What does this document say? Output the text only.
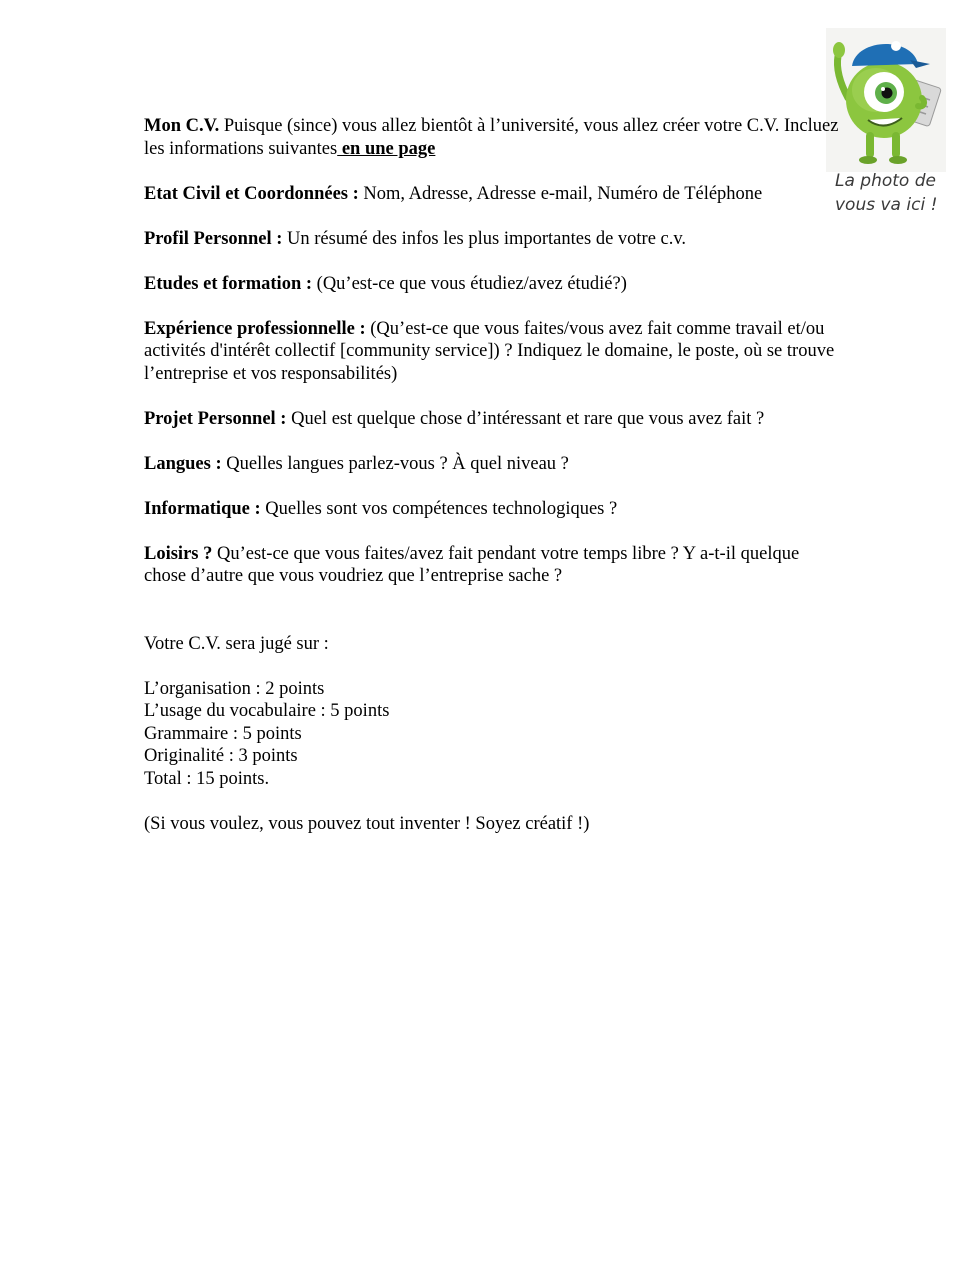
La photo de vous va ici !

Mon C.V. Puisque (since) vous allez bientôt à l’université, vous allez créer votre C.V. Incluez les informations suivantes en une page

Etat Civil et Coordonnées : Nom, Adresse, Adresse e-mail, Numéro de Téléphone

Profil Personnel : Un résumé des infos les plus importantes de votre c.v.

Etudes et formation : (Qu’est-ce que vous étudiez/avez étudié?)

Expérience professionnelle : (Qu’est-ce que vous faites/vous avez fait comme travail et/ou activités d'intérêt collectif [community service]) ? Indiquez le domaine, le poste, où se trouve l’entreprise et vos responsabilités)

Projet Personnel : Quel est quelque chose d’intéressant et rare que vous avez fait ?

Langues : Quelles langues parlez-vous ? À quel niveau ?

Informatique : Quelles sont vos compétences technologiques ?

Loisirs ? Qu’est-ce que vous faites/avez fait pendant votre temps libre ? Y a-t-il quelque chose d’autre que vous voudriez que l’entreprise sache ?

Votre C.V. sera jugé sur :

L’organisation : 2 points

L’usage du vocabulaire : 5 points

Grammaire : 5 points

Originalité : 3 points

Total : 15 points.

(Si vous voulez, vous pouvez tout inventer ! Soyez créatif !)
